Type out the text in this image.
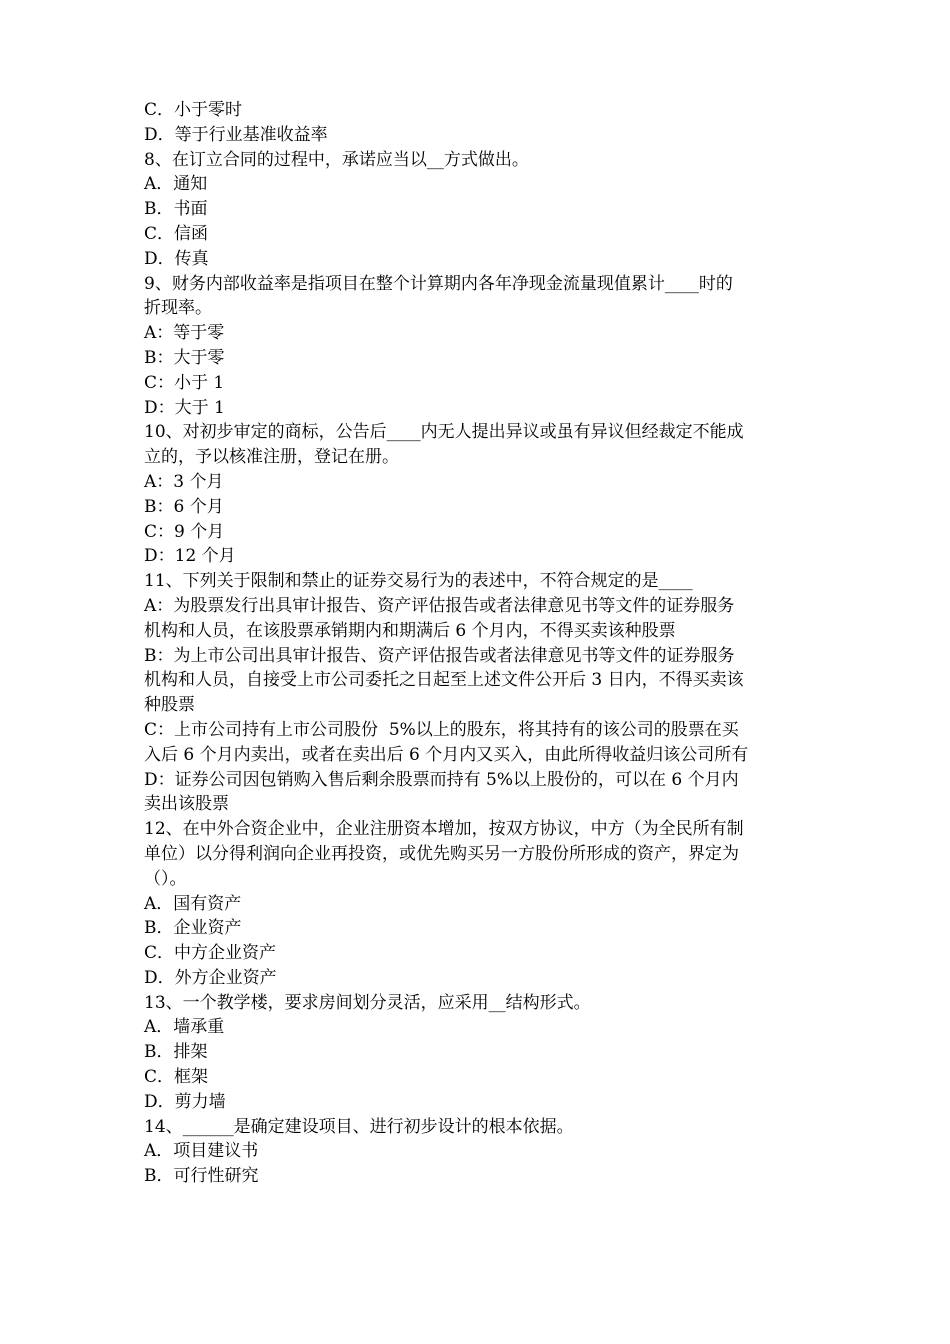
C．小于零时
D．等于行业基准收益率
8、在订立合同的过程中，承诺应当以__方式做出。
A．通知
B．书面
C．信函
D．传真
9、财务内部收益率是指项目在整个计算期内各年净现金流量现值累计____时的
折现率。
A：等于零
B：大于零
C：小于 1
D：大于 1
10、对初步审定的商标，公告后____内无人提出异议或虽有异议但经裁定不能成
立的，予以核准注册，登记在册。
A：3 个月
B：6 个月
C：9 个月
D：12 个月
11、下列关于限制和禁止的证券交易行为的表述中，不符合规定的是____
A：为股票发行出具审计报告、资产评估报告或者法律意见书等文件的证券服务
机构和人员，在该股票承销期内和期满后 6 个月内，不得买卖该种股票
B：为上市公司出具审计报告、资产评估报告或者法律意见书等文件的证券服务
机构和人员，自接受上市公司委托之日起至上述文件公开后 3 日内，不得买卖该
种股票
C：上市公司持有上市公司股份  5%以上的股东，将其持有的该公司的股票在买
入后 6 个月内卖出，或者在卖出后 6 个月内又买入，由此所得收益归该公司所有
D：证券公司因包销购入售后剩余股票而持有 5%以上股份的，可以在 6 个月内
卖出该股票
12、在中外合资企业中，企业注册资本增加，按双方协议，中方（为全民所有制
单位）以分得利润向企业再投资，或优先购买另一方股份所形成的资产，界定为
（）。
A．国有资产
B．企业资产
C．中方企业资产
D．外方企业资产
13、一个教学楼，要求房间划分灵活，应采用__结构形式。
A．墙承重
B．排架
C．框架
D．剪力墙
14、______是确定建设项目、进行初步设计的根本依据。
A．项目建议书
B．可行性研究
